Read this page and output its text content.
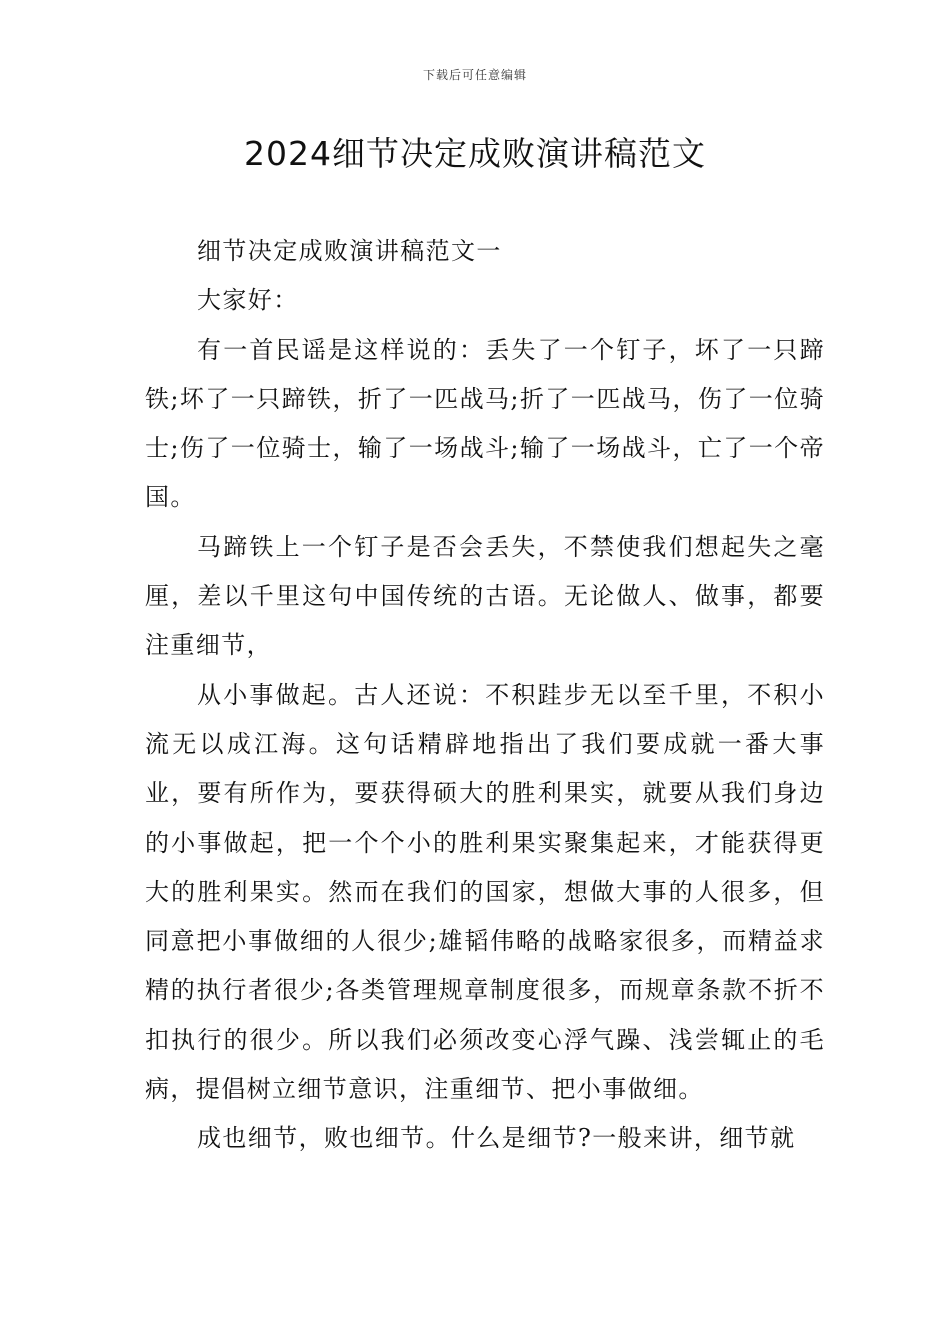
下载后可任意编辑
2024细节决定成败演讲稿范文

细节决定成败演讲稿范文一

大家好：

有一首民谣是这样说的：丢失了一个钉子，坏了一只蹄铁;坏了一只蹄铁，折了一匹战马;折了一匹战马，伤了一位骑士;伤了一位骑士，输了一场战斗;输了一场战斗，亡了一个帝国。

马蹄铁上一个钉子是否会丢失，不禁使我们想起失之毫厘，差以千里这句中国传统的古语。无论做人、做事，都要注重细节，

从小事做起。古人还说：不积跬步无以至千里，不积小流无以成江海。这句话精辟地指出了我们要成就一番大事业，要有所作为，要获得硕大的胜利果实，就要从我们身边的小事做起，把一个个小的胜利果实聚集起来，才能获得更大的胜利果实。然而在我们的国家，想做大事的人很多，但同意把小事做细的人很少;雄韬伟略的战略家很多，而精益求精的执行者很少;各类管理规章制度很多，而规章条款不折不扣执行的很少。所以我们必须改变心浮气躁、浅尝辄止的毛病，提倡树立细节意识，注重细节、把小事做细。

成也细节，败也细节。什么是细节?一般来讲，细节就
